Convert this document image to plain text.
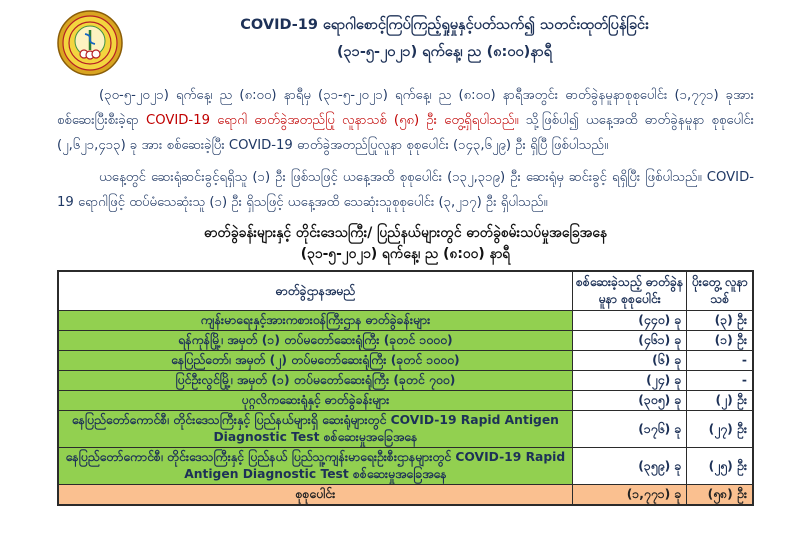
COVID-19 ရောဂါစောင့်ကြပ်ကြည့်ရှုမှုနှင့်ပတ်သက်၍ သတင်းထုတ်ပြန်ခြင်း
(၃၁-၅-၂၀၂၁) ရက်နေ့၊ ည (၈:၀၀)နာရီ

(၃၀-၅-၂၀၂၁) ရက်နေ့၊ ည (၈:၀၀) နာရီမှ (၃၁-၅-၂၀၂၁) ရက်နေ့၊ ည (၈:၀၀) နာရီအတွင်း ဓာတ်ခွဲနမူနာစုစုပေါင်း (၁,၇၇၁) ခုအား စစ်ဆေးပြီးစီးခဲ့ရာ COVID-19 ရောဂါ ဓာတ်ခွဲအတည်ပြု လူနာသစ် (၅၈) ဦး တွေ့ရှိရပါသည်။ သို့ဖြစ်ပါ၍ ယနေ့အထိ ဓာတ်ခွဲနမူနာ စုစုပေါင်း (၂,၆၂၁,၄၁၃) ခု အား စစ်ဆေးခဲ့ပြီး COVID-19 ဓာတ်ခွဲအတည်ပြုလူနာ စုစုပေါင်း (၁၄၃,၆၂၉) ဦး ရှိပြီ ဖြစ်ပါသည်။

ယနေ့တွင် ဆေးရုံဆင်းခွင့်ရရှိသူ (၁) ဦး ဖြစ်သဖြင့် ယနေ့အထိ စုစုပေါင်း (၁၃၂,၃၁၉) ဦး ဆေးရုံမှ ဆင်းခွင့် ရရှိပြီး ဖြစ်ပါသည်။ COVID-19 ရောဂါဖြင့် ထပ်မံသေဆုံးသူ (၁) ဦး ရှိသဖြင့် ယနေ့အထိ သေဆုံးသူစုစုပေါင်း (၃,၂၁၇) ဦး ရှိပါသည်။

ဓာတ်ခွဲခန်းများနှင့် တိုင်းဒေသကြီး/ ပြည်နယ်များတွင် ဓာတ်ခွဲစမ်းသပ်မှုအခြေအနေ
(၃၁-၅-၂၀၂၁) ရက်နေ့၊ ည (၈:၀၀) နာရီ
ဓာတ်ခွဲဌာနအမည်	စစ်ဆေးခဲ့သည့် ဓာတ်ခွဲနမူနာ စုစုပေါင်း	ပိုးတွေ့ လူနာသစ်
ကျန်းမာရေးနှင့်အားကစားဝန်ကြီးဌာန ဓာတ်ခွဲခန်းများ	(၄၄၀) ခု	(၃) ဦး
ရန်ကုန်မြို့၊ အမှတ် (၁) တပ်မတော်ဆေးရုံကြီး (ခုတင် ၁၀၀၀)	(၄၆၁) ခု	(၁) ဦး
နေပြည်တော်၊ အမှတ် (၂) တပ်မတော်ဆေးရုံကြီး (ခုတင် ၁၀၀၀)	(၆) ခု	-
ပြင်ဦးလွင်မြို့၊ အမှတ် (၁) တပ်မတော်ဆေးရုံကြီး (ခုတင် ၇၀၀)	(၂၄) ခု	-
ပုဂ္ဂလိကဆေးရုံနှင့် ဓာတ်ခွဲခန်းများ	(၃၀၅) ခု	(၂) ဦး
နေပြည်တော်ကောင်စီ၊ တိုင်းဒေသကြီးနှင့် ပြည်နယ်များရှိ ဆေးရုံများတွင် COVID-19 Rapid Antigen Diagnostic Test စစ်ဆေးမှုအခြေအနေ	(၁၇၆) ခု	(၂၇) ဦး
နေပြည်တော်ကောင်စီ၊ တိုင်းဒေသကြီးနှင့် ပြည်နယ် ပြည်သူ့ကျန်းမာရေးဦးစီးဌာနများတွင် COVID-19 Rapid Antigen Diagnostic Test စစ်ဆေးမှုအခြေအနေ	(၃၅၉) ခု	(၂၅) ဦး
စုစုပေါင်း	(၁,၇၇၁) ခု	(၅၈) ဦး
